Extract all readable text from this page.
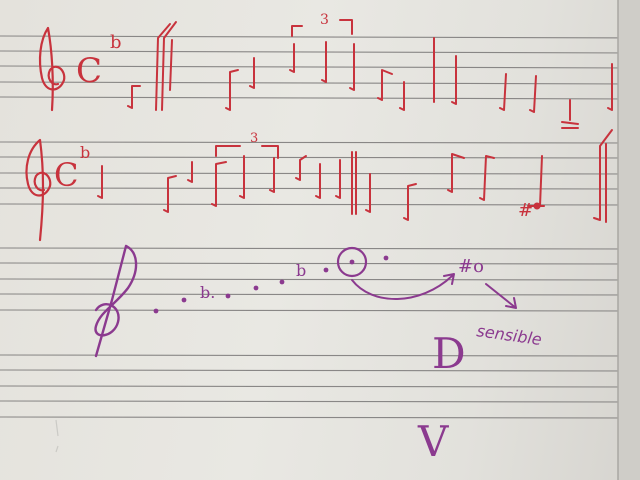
C
b
3
C
b
3
#
b.
b	#o
sensible
D
V
